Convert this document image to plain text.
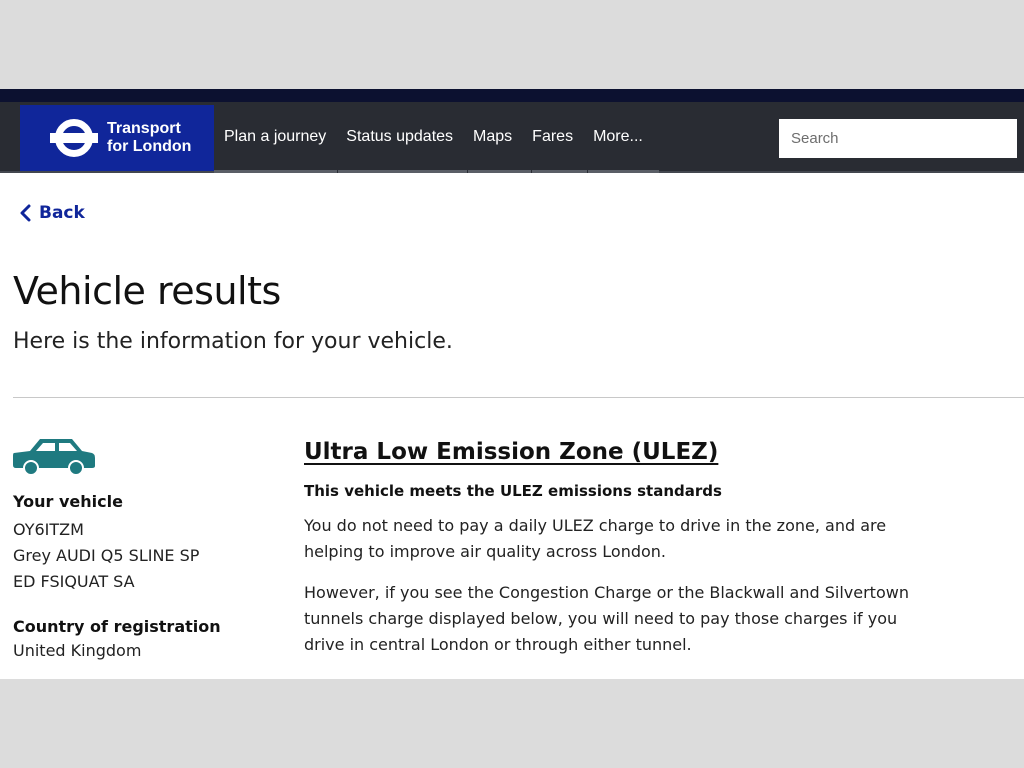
Transport
for London
Plan a journey	Status updates	Maps	Fares	More...
Search
Back
Vehicle results

Here is the information for your vehicle.

Your vehicle
OY6ITZM
Grey AUDI Q5 SLINE SP
ED FSIQUAT SA
Country of registration
United Kingdom
Ultra Low Emission Zone (ULEZ)
This vehicle meets the ULEZ emissions standards

You do not need to pay a daily ULEZ charge to drive in the zone, and are helping to improve air quality across London.

However, if you see the Congestion Charge or the Blackwall and Silvertown tunnels charge displayed below, you will need to pay those charges if you drive in central London or through either tunnel.
